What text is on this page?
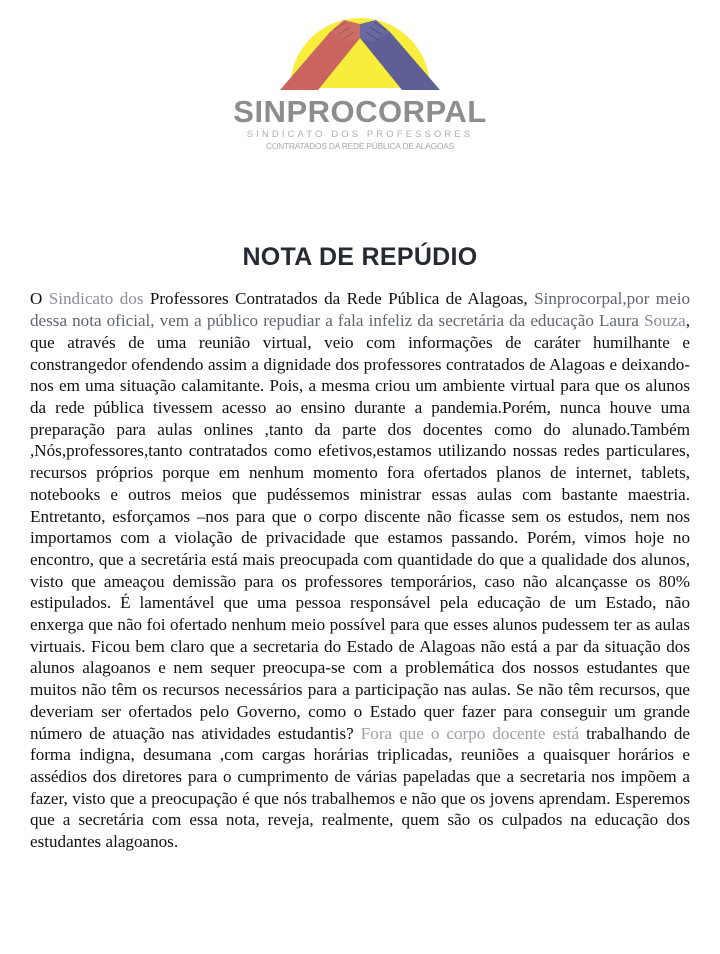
SINPROCORPAL
SINDICATO DOS PROFESSORES
CONTRATADOS DA REDE PÚBLICA DE ALAGOAS
NOTA DE REPÚDIO

O Sindicato dos Professores Contratados da Rede Pública de Alagoas, Sinprocorpal,por meio dessa nota oficial, vem a público repudiar a fala infeliz da secretária da educação Laura Souza, que através de uma reunião virtual, veio com informações de caráter humilhante e constrangedor ofendendo assim a dignidade dos professores contratados de Alagoas e deixando-nos em uma situação calamitante. Pois, a mesma criou um ambiente virtual para que os alunos da rede pública tivessem acesso ao ensino durante a pandemia.Porém, nunca houve uma preparação para aulas onlines ,tanto da parte dos docentes como do alunado.Também ,Nós,professores,tanto contratados como efetivos,estamos utilizando nossas redes particulares, recursos próprios porque em nenhum momento fora ofertados planos de internet, tablets, notebooks e outros meios que pudéssemos ministrar essas aulas com bastante maestria. Entretanto, esforçamos –nos para que o corpo discente não ficasse sem os estudos, nem nos importamos com a violação de privacidade que estamos passando. Porém, vimos hoje no encontro, que a secretária está mais preocupada com quantidade do que a qualidade dos alunos, visto que ameaçou demissão para os professores temporários, caso não alcançasse os 80% estipulados. É lamentável que uma pessoa responsável pela educação de um Estado, não enxerga que não foi ofertado nenhum meio possível para que esses alunos pudessem ter as aulas virtuais. Ficou bem claro que a secretaria do Estado de Alagoas não está a par da situação dos alunos alagoanos e nem sequer preocupa-se com a problemática dos nossos estudantes que muitos não têm os recursos necessários para a participação nas aulas. Se não têm recursos, que deveriam ser ofertados pelo Governo, como o Estado quer fazer para conseguir um grande número de atuação nas atividades estudantis? Fora que o corpo docente está trabalhando de forma indigna, desumana ,com cargas horárias triplicadas, reuniões a quaisquer horários e assédios dos diretores para o cumprimento de várias papeladas que a secretaria nos impõem a fazer, visto que a preocupação é que nós trabalhemos e não que os jovens aprendam. Esperemos que a secretária com essa nota, reveja, realmente, quem são os culpados na educação dos estudantes alagoanos.
